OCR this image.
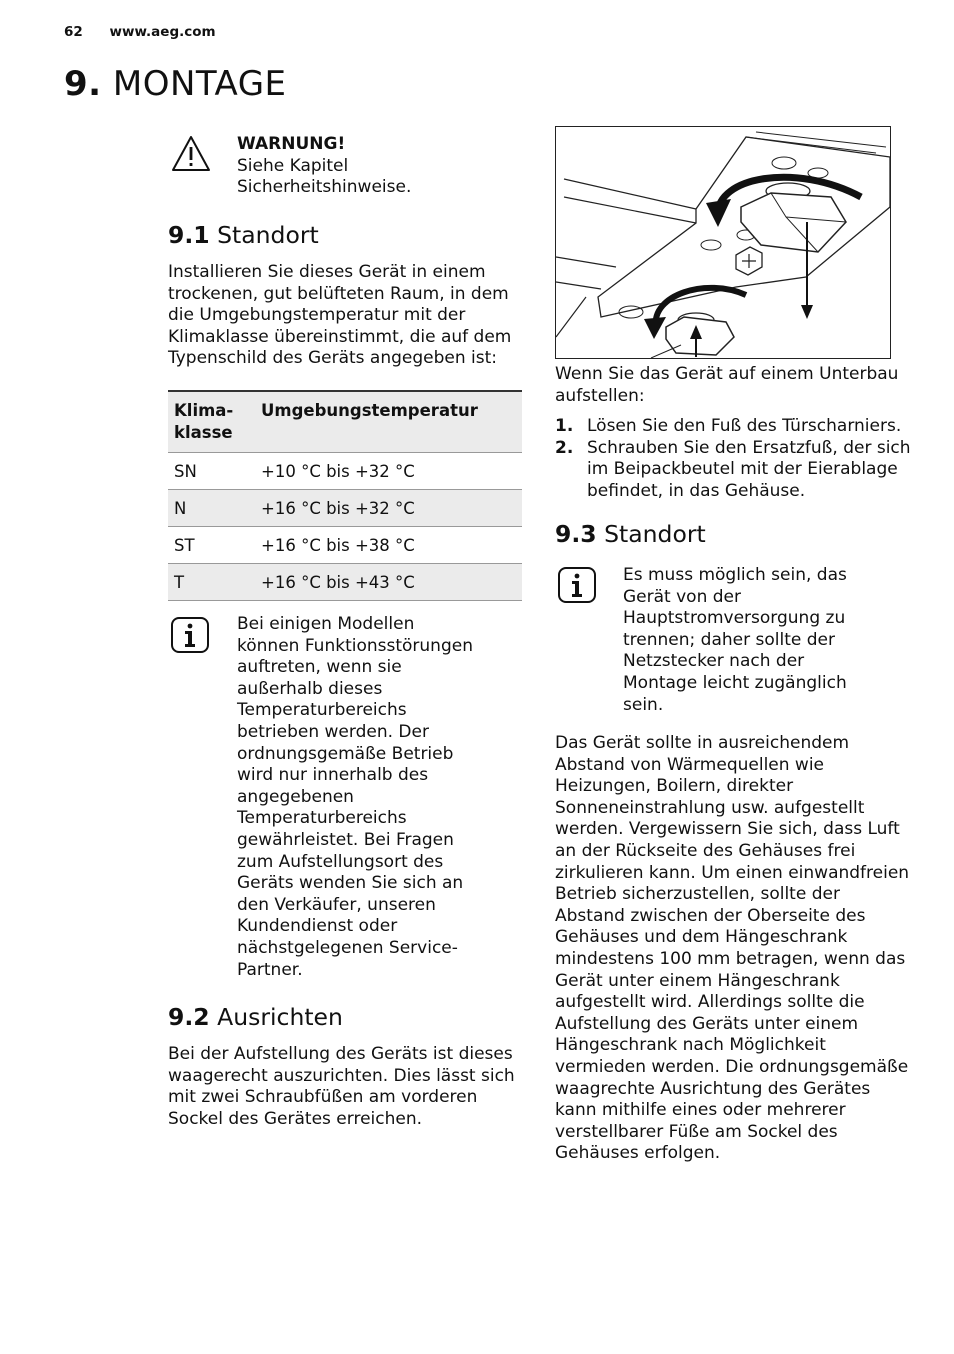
62 www.aeg.com
9. MONTAGE
WARNUNG!
Siehe Kapitel Sicherheitshinweise.
9.1 Standort
Installieren Sie dieses Gerät in einem trockenen, gut belüfteten Raum, in dem die Umgebungstemperatur mit der Klimaklasse übereinstimmt, die auf dem Typenschild des Geräts angegeben ist:
Klima-
klasse	Umgebungstemperatur
SN	+10 °C bis +32 °C
N	+16 °C bis +32 °C
ST	+16 °C bis +38 °C
T	+16 °C bis +43 °C
Bei einigen Modellen können Funktionsstörungen auftreten, wenn sie außerhalb dieses Temperaturbereichs betrieben werden. Der ordnungsgemäße Betrieb wird nur innerhalb des angegebenen Temperaturbereichs gewährleistet. Bei Fragen zum Aufstellungsort des Geräts wenden Sie sich an den Verkäufer, unseren Kundendienst oder nächstgelegenen Service-Partner.
9.2 Ausrichten
Bei der Aufstellung des Geräts ist dieses waagerecht auszurichten. Dies lässt sich mit zwei Schraubfüßen am vorderen Sockel des Gerätes erreichen.
Wenn Sie das Gerät auf einem Unterbau aufstellen:
1. Lösen Sie den Fuß des Türscharniers.
2. Schrauben Sie den Ersatzfuß, der sich im Beipackbeutel mit der Eierablage befindet, in das Gehäuse.
9.3 Standort
Es muss möglich sein, das Gerät von der Hauptstromversorgung zu trennen; daher sollte der Netzstecker nach der Montage leicht zugänglich sein.
Das Gerät sollte in ausreichendem Abstand von Wärmequellen wie Heizungen, Boilern, direkter Sonneneinstrahlung usw. aufgestellt werden. Vergewissern Sie sich, dass Luft an der Rückseite des Gehäuses frei zirkulieren kann. Um einen einwandfreien Betrieb sicherzustellen, sollte der Abstand zwischen der Oberseite des Gehäuses und dem Hängeschrank mindestens 100 mm betragen, wenn das Gerät unter einem Hängeschrank aufgestellt wird. Allerdings sollte die Aufstellung des Geräts unter einem Hängeschrank nach Möglichkeit vermieden werden. Die ordnungsgemäße waagrechte Ausrichtung des Gerätes kann mithilfe eines oder mehrerer verstellbarer Füße am Sockel des Gehäuses erfolgen.
